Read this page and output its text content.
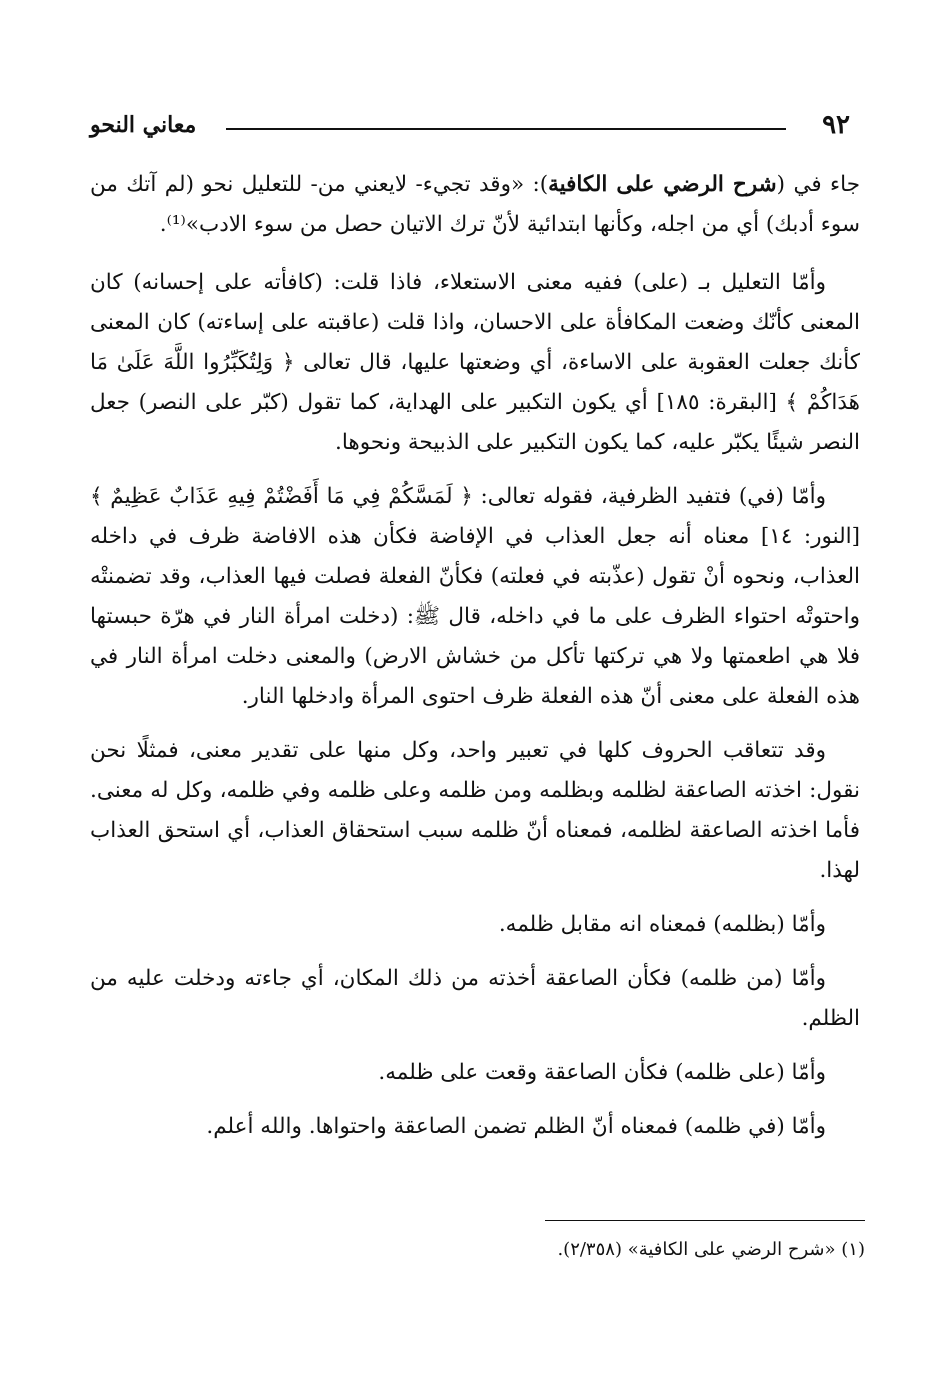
٩٢
معاني النحو

جاء في (شرح الرضي على الكافية): «وقد تجيء- لايعني من- للتعليل نحو (لم آتك من سوء أدبك) أي من اجله، وكأنها ابتدائية لأنّ ترك الاتيان حصل من سوء الادب»⁽¹⁾.

وأمّا التعليل بـ (على) ففيه معنى الاستعلاء، فاذا قلت: (كافأته على إحسانه) كان المعنى كأنّك وضعت المكافأة على الاحسان، واذا قلت (عاقبته على إساءته) كان المعنى كأنك جعلت العقوبة على الاساءة، أي وضعتها عليها، قال تعالى ﴿ وَلِتُكَبِّرُوا اللَّهَ عَلَىٰ مَا هَدَاكُمْ ﴾ [البقرة: ١٨٥] أي يكون التكبير على الهداية، كما تقول (كبّر على النصر) جعل النصر شيئًا يكبّر عليه، كما يكون التكبير على الذبيحة ونحوها.

وأمّا (في) فتفيد الظرفية، فقوله تعالى: ﴿ لَمَسَّكُمْ فِي مَا أَفَضْتُمْ فِيهِ عَذَابٌ عَظِيمٌ ﴾ [النور: ١٤] معناه أنه جعل العذاب في الإفاضة فكأن هذه الافاضة ظرف في داخله العذاب، ونحوه أنْ تقول (عذّبته في فعلته) فكأنّ الفعلة فصلت فيها العذاب، وقد تضمنتْه واحتوتْه احتواء الظرف على ما في داخله، قال ﷺ: (دخلت امرأة النار في هرّة حبستها فلا هي اطعمتها ولا هي تركتها تأكل من خشاش الارض) والمعنى دخلت امرأة النار في هذه الفعلة على معنى أنّ هذه الفعلة ظرف احتوى المرأة وادخلها النار.

وقد تتعاقب الحروف كلها في تعبير واحد، وكل منها على تقدير معنى، فمثلًا نحن نقول: اخذته الصاعقة لظلمه وبظلمه ومن ظلمه وعلى ظلمه وفي ظلمه، وكل له معنى. فأما اخذته الصاعقة لظلمه، فمعناه أنّ ظلمه سبب استحقاق العذاب، أي استحق العذاب لهذا.

وأمّا (بظلمه) فمعناه انه مقابل ظلمه.

وأمّا (من ظلمه) فكأن الصاعقة أخذته من ذلك المكان، أي جاءته ودخلت عليه من الظلم.

وأمّا (على ظلمه) فكأن الصاعقة وقعت على ظلمه.

وأمّا (في ظلمه) فمعناه أنّ الظلم تضمن الصاعقة واحتواها. والله أعلم.

(١) «شرح الرضي على الكافية» (٢/٣٥٨).
